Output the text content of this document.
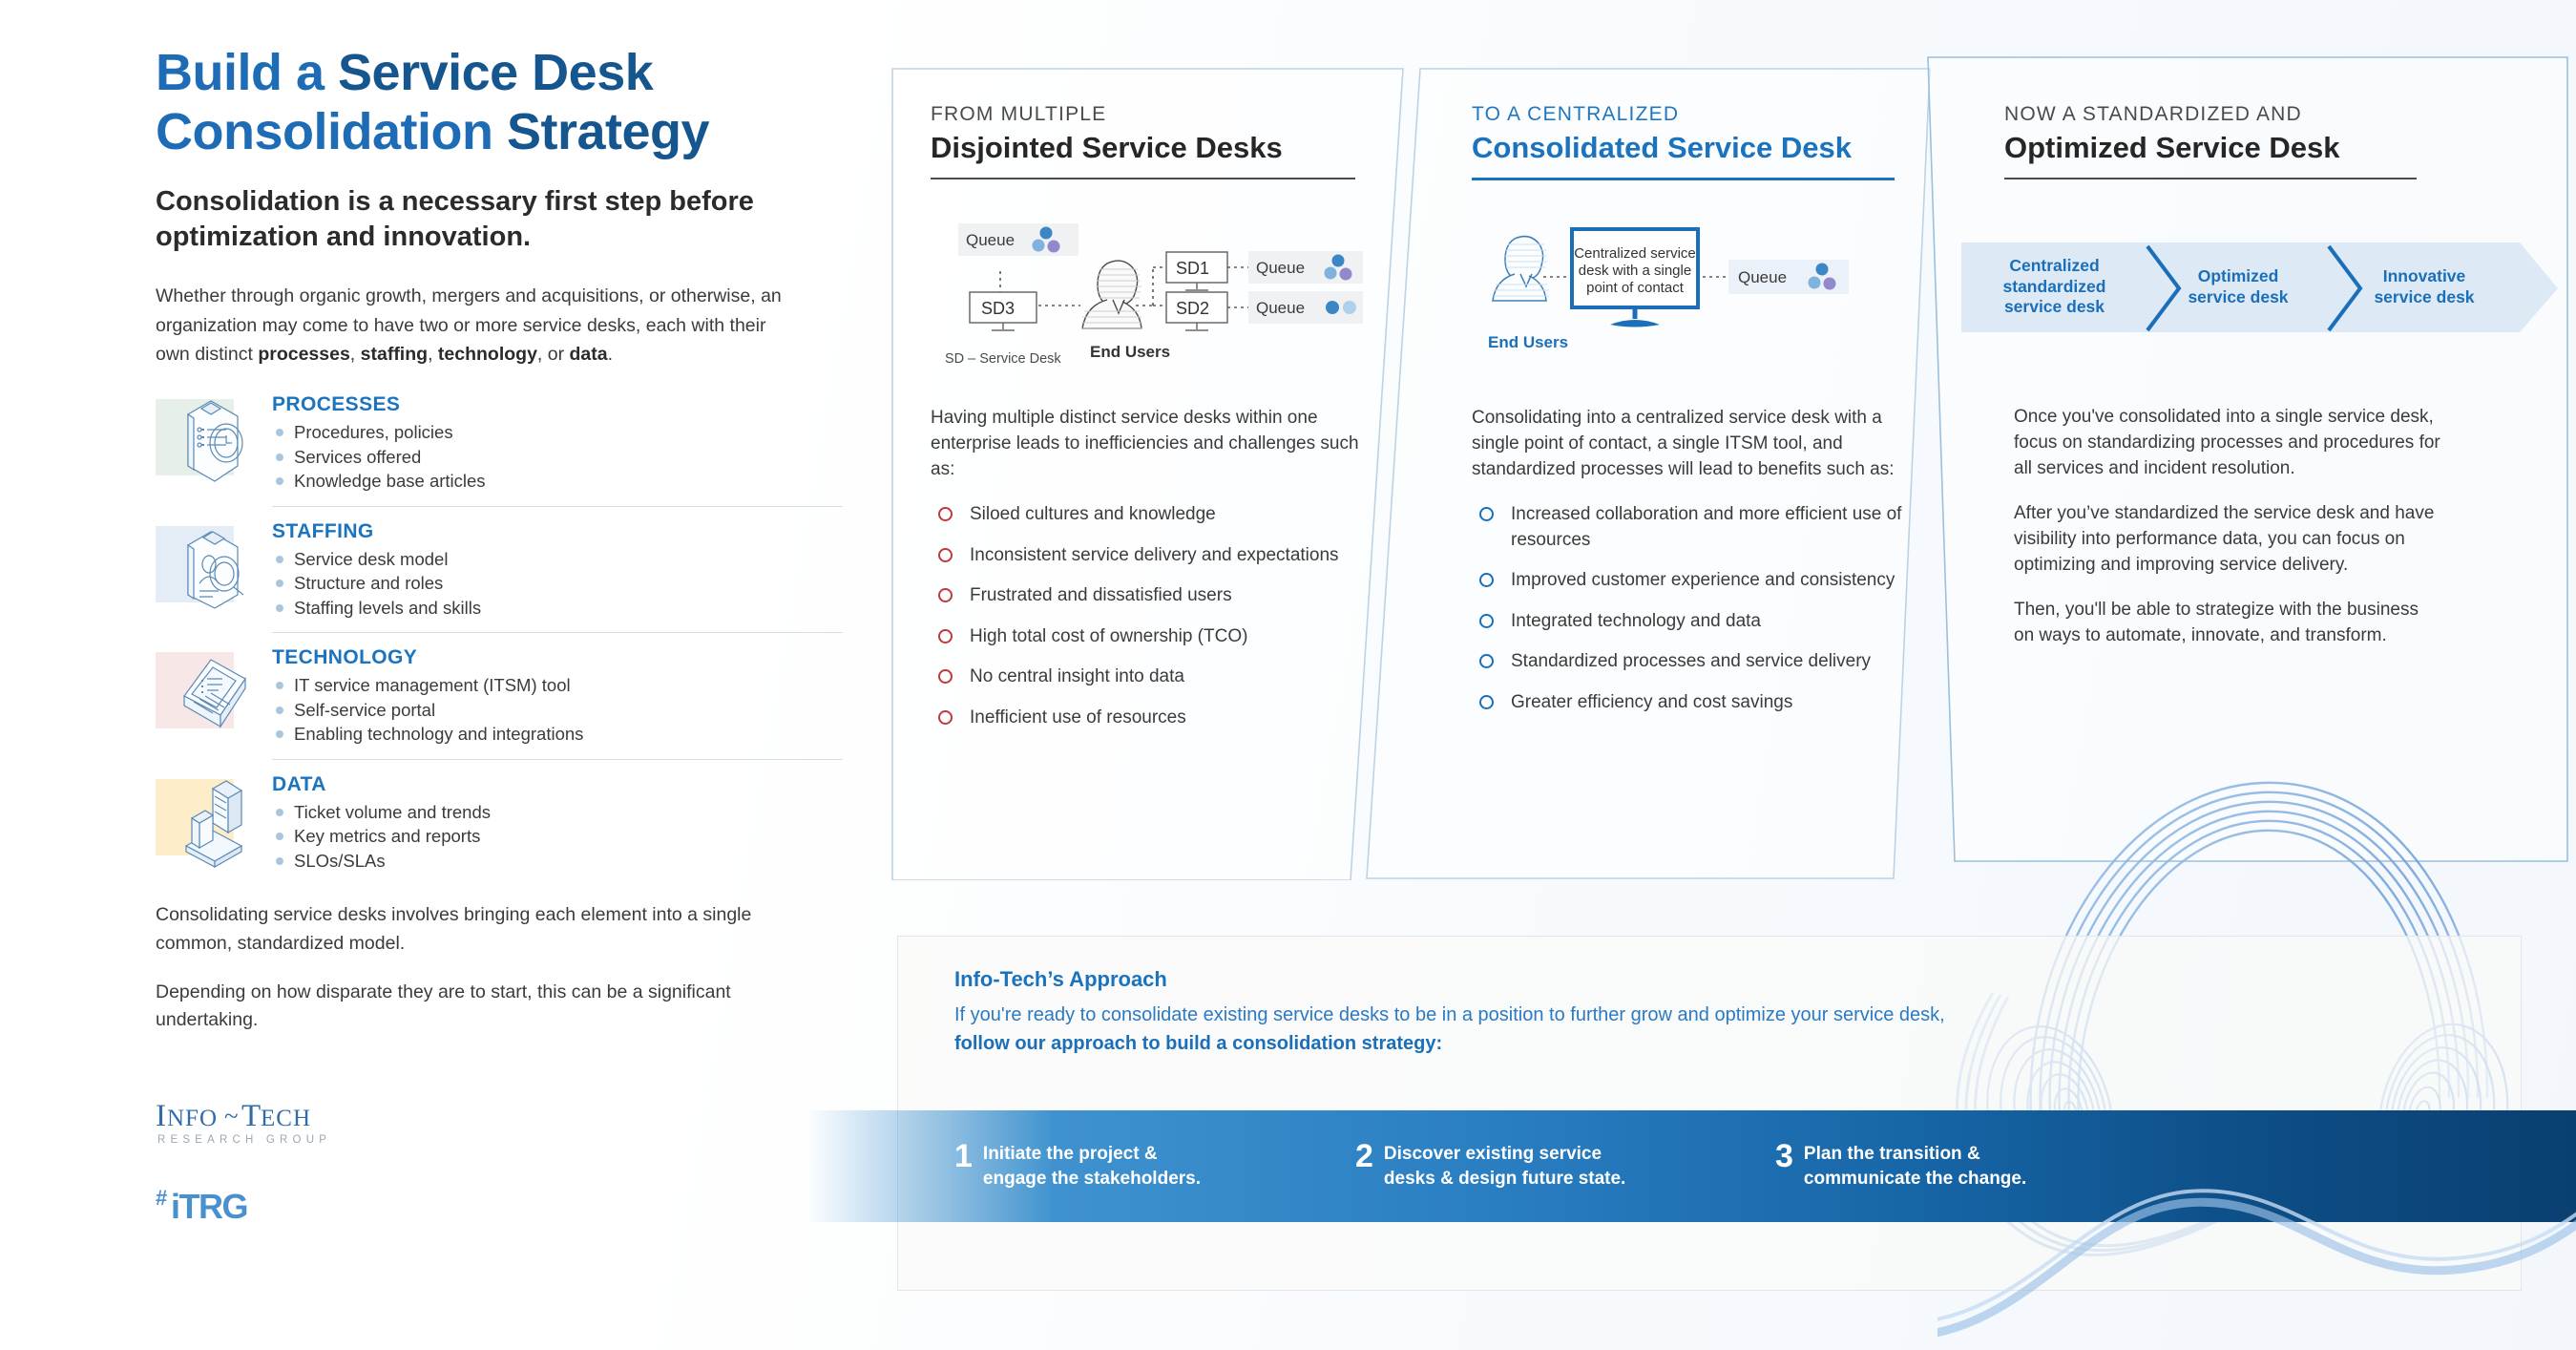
Build a Service Desk
Consolidation Strategy

Consolidation is a necessary first step before optimization and innovation.

Whether through organic growth, mergers and acquisitions, or otherwise, an organization may come to have two or more service desks, each with their own distinct processes, staffing, technology, or data.

PROCESSES

Procedures, policies
Services offered
Knowledge base articles

STAFFING

Service desk model
Structure and roles
Staffing levels and skills

TECHNOLOGY

IT service management (ITSM) tool
Self-service portal
Enabling technology and integrations

DATA

Ticket volume and trends
Key metrics and reports
SLOs/SLAs

Consolidating service desks involves bringing each element into a single common, standardized model.

Depending on how disparate they are to start, this can be a significant undertaking.

I NFO ~ T ECH
RESEARCH GROUP
# iTRG

FROM MULTIPLE

Disjointed Service Desks

Queue
SD3
End Users
SD1
SD2
Queue
Queue
SD – Service Desk

Having multiple distinct service desks within one enterprise leads to inefficiencies and challenges such as:

Siloed cultures and knowledge
Inconsistent service delivery and expectations
Frustrated and dissatisfied users
High total cost of ownership (TCO)
No central insight into data
Inefficient use of resources

TO A CENTRALIZED

Consolidated Service Desk

End Users
Centralized service
desk with a single
point of contact
Queue

Consolidating into a centralized service desk with a single point of contact, a single ITSM tool, and standardized processes will lead to benefits such as:

Increased collaboration and more efficient use of resources
Improved customer experience and consistency
Integrated technology and data
Standardized processes and service delivery
Greater efficiency and cost savings

NOW A STANDARDIZED AND

Optimized Service Desk

Centralized
standardized
service desk
Optimized
service desk
Innovative
service desk

Once you've consolidated into a single service desk, focus on standardizing processes and procedures for all services and incident resolution.

After you’ve standardized the service desk and have visibility into performance data, you can focus on optimizing and improving service delivery.

Then, you'll be able to strategize with the business on ways to automate, innovate, and transform.

Info-Tech’s Approach

If you're ready to consolidate existing service desks to be in a position to further grow and optimize your service desk, follow our approach to build a consolidation strategy:

1 Initiate the project &
engage the stakeholders.
2 Discover existing service
desks & design future state.
3 Plan the transition &
communicate the change.
